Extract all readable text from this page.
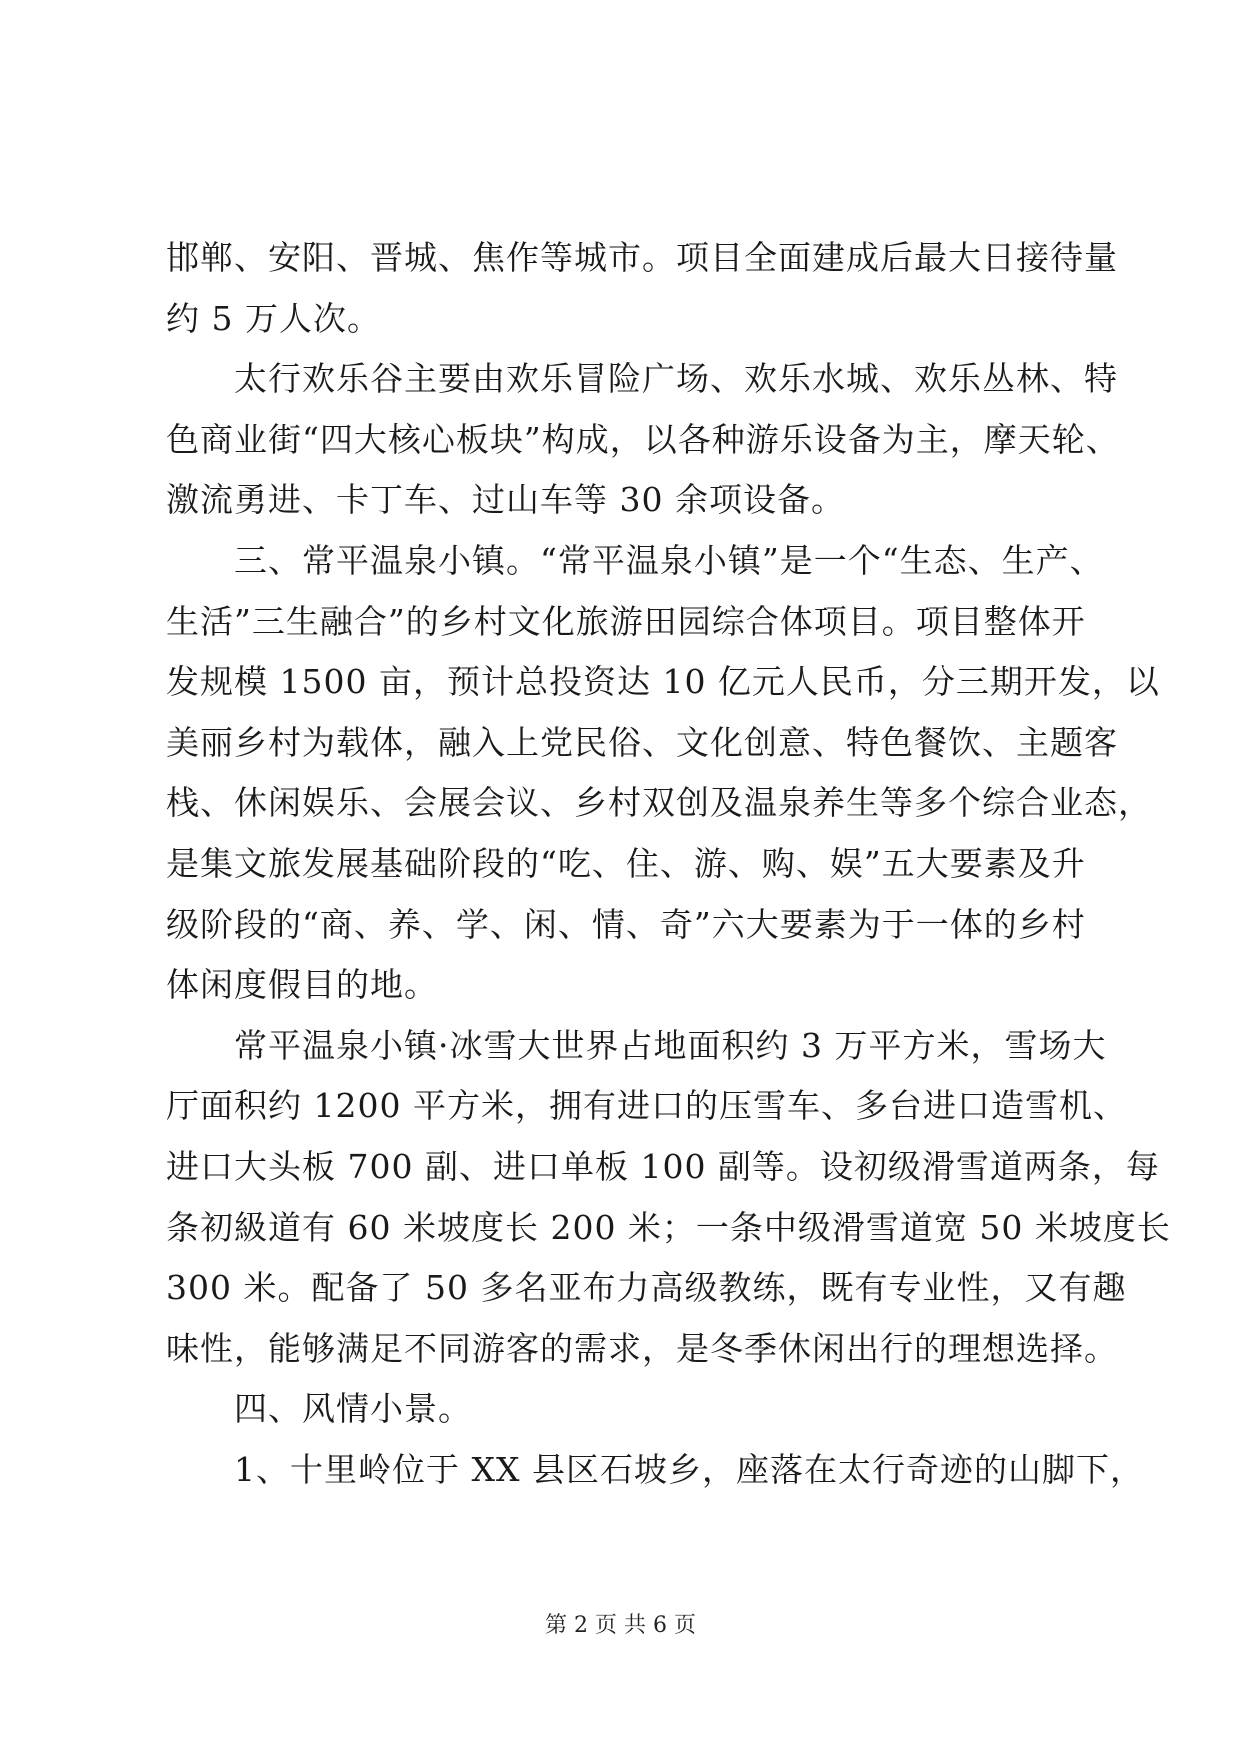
邯郸、安阳、晋城、焦作等城市。项目全面建成后最大日接待量
约 5 万人次。
太行欢乐谷主要由欢乐冒险广场、欢乐水城、欢乐丛林、特
色商业街“四大核心板块”构成，以各种游乐设备为主，摩天轮、
激流勇进、卡丁车、过山车等 30 余项设备。
三、常平温泉小镇。“常平温泉小镇”是一个“生态、生产、
生活”三生融合”的乡村文化旅游田园综合体项目。项目整体开
发规模 1500 亩，预计总投资达 10 亿元人民币，分三期开发，以
美丽乡村为载体，融入上党民俗、文化创意、特色餐饮、主题客
栈、休闲娱乐、会展会议、乡村双创及温泉养生等多个综合业态，
是集文旅发展基础阶段的“吃、住、游、购、娱”五大要素及升
级阶段的“商、养、学、闲、情、奇”六大要素为于一体的乡村
体闲度假目的地。
常平温泉小镇·冰雪大世界占地面积约 3 万平方米，雪场大
厅面积约 1200 平方米，拥有进口的压雪车、多台进口造雪机、
进口大头板 700 副、进口单板 100 副等。设初级滑雪道两条，每
条初級道有 60 米坡度长 200 米；一条中级滑雪道宽 50 米坡度长
300 米。配备了 50 多名亚布力高级教练，既有专业性，又有趣
味性，能够满足不同游客的需求，是冬季休闲出行的理想选择。
四、风情小景。
1、十里岭位于 XX 县区石坡乡，座落在太行奇迹的山脚下，
第 2 页 共 6 页
